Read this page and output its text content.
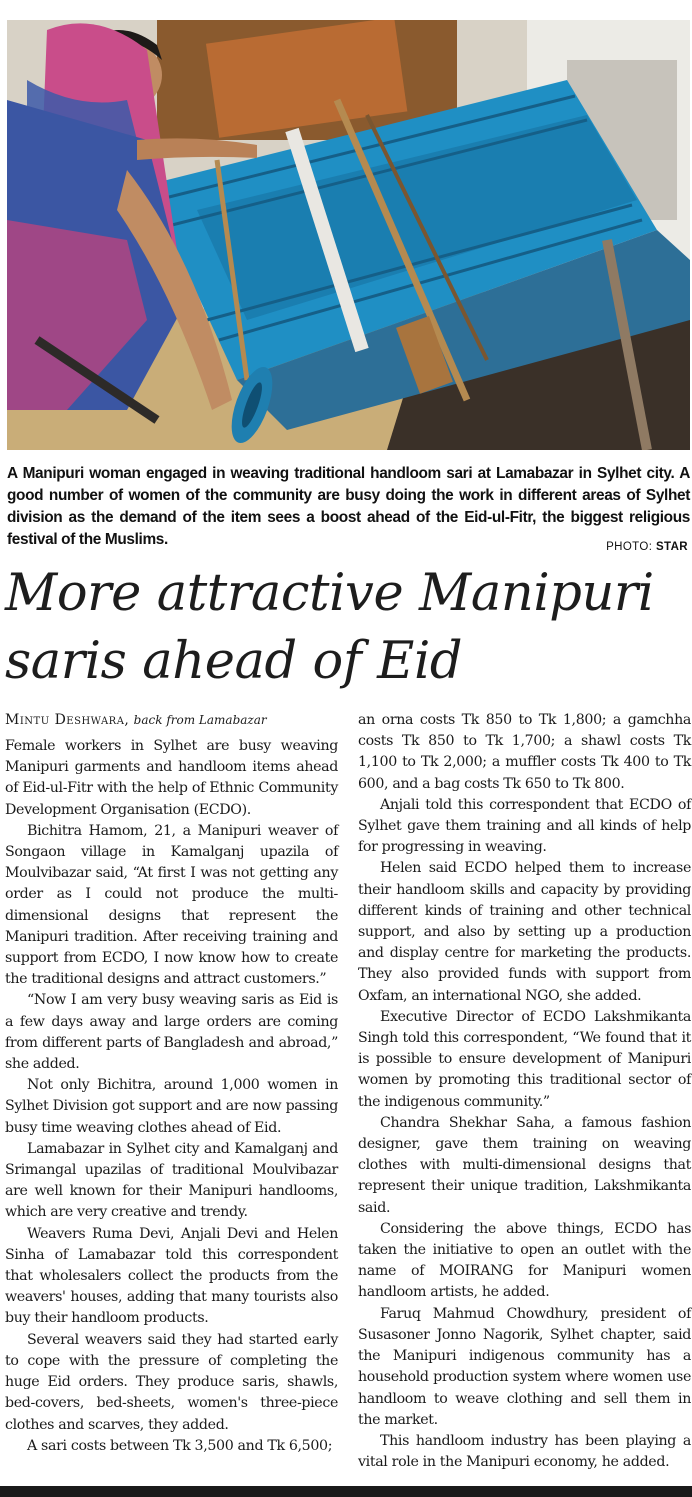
A Manipuri woman engaged in weaving traditional handloom sari at Lamabazar in Sylhet city. A good number of women of the community are busy doing the work in different areas of Sylhet division as the demand of the item sees a boost ahead of the Eid-ul-Fitr, the biggest religious festival of the Muslims.	PHOTO: STAR
More attractive Manipuri
saris ahead of Eid
Mintu Deshwara, back from Lamabazar

Female workers in Sylhet are busy weaving Manipuri garments and handloom items ahead of Eid-ul-Fitr with the help of Ethnic Community Development Organisation (ECDO).

Bichitra Hamom, 21, a Manipuri weaver of Songaon village in Kamalganj upazila of Moulvibazar said, “At first I was not getting any order as I could not produce the multi-dimensional designs that represent the Manipuri tradition. After receiving training and support from ECDO, I now know how to create the traditional designs and attract customers.”

“Now I am very busy weaving saris as Eid is a few days away and large orders are coming from different parts of Bangladesh and abroad,” she added.

Not only Bichitra, around 1,000 women in Sylhet Division got support and are now passing busy time weaving clothes ahead of Eid.

Lamabazar in Sylhet city and Kamalganj and Srimangal upazilas of traditional Moulvibazar are well known for their Manipuri handlooms, which are very creative and trendy.

Weavers Ruma Devi, Anjali Devi and Helen Sinha of Lamabazar told this correspondent that wholesalers collect the products from the weavers' houses, adding that many tourists also buy their handloom products.

Several weavers said they had started early to cope with the pressure of completing the huge Eid orders. They produce saris, shawls, bed-covers, bed-sheets, women's three-piece clothes and scarves, they added.

A sari costs between Tk 3,500 and Tk 6,500;

an orna costs Tk 850 to Tk 1,800; a gamchha costs Tk 850 to Tk 1,700; a shawl costs Tk 1,100 to Tk 2,000; a muffler costs Tk 400 to Tk 600, and a bag costs Tk 650 to Tk 800.

Anjali told this correspondent that ECDO of Sylhet gave them training and all kinds of help for progressing in weaving.

Helen said ECDO helped them to increase their handloom skills and capacity by providing different kinds of training and other technical support, and also by setting up a production and display centre for marketing the products. They also provided funds with support from Oxfam, an international NGO, she added.

Executive Director of ECDO Lakshmikanta Singh told this correspondent, “We found that it is possible to ensure development of Manipuri women by promoting this traditional sector of the indigenous community.”

Chandra Shekhar Saha, a famous fashion designer, gave them training on weaving clothes with multi-dimensional designs that represent their unique tradition, Lakshmikanta said.

Considering the above things, ECDO has taken the initiative to open an outlet with the name of MOIRANG for Manipuri women handloom artists, he added.

Faruq Mahmud Chowdhury, president of Susasoner Jonno Nagorik, Sylhet chapter, said the Manipuri indigenous community has a household production system where women use handloom to weave clothing and sell them in the market.

This handloom industry has been playing a vital role in the Manipuri economy, he added.
